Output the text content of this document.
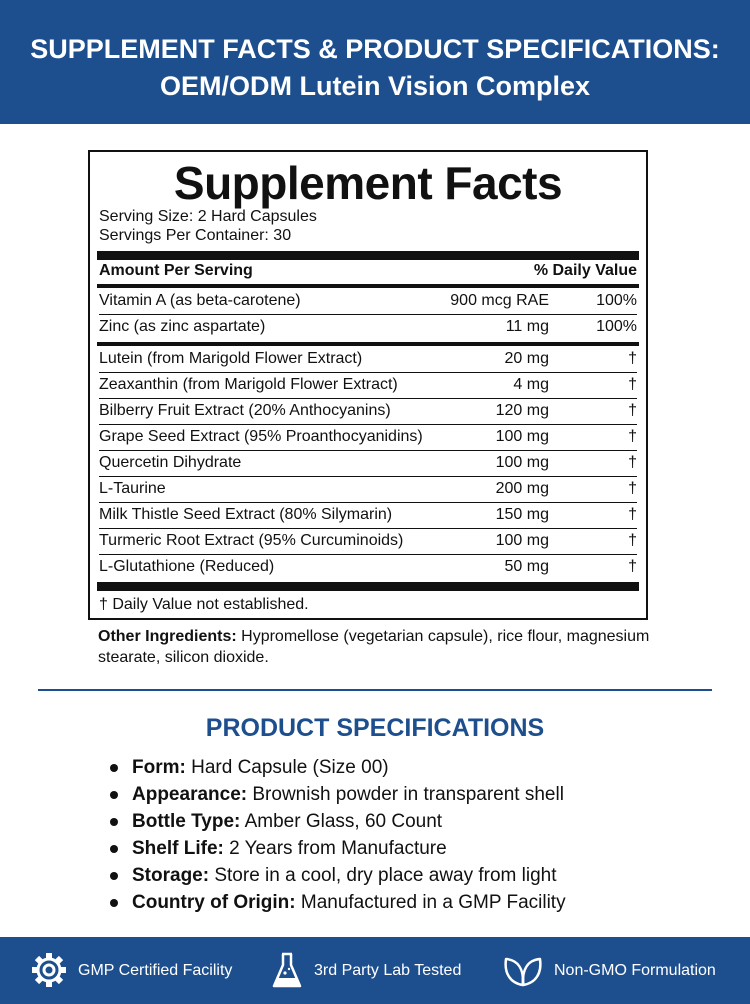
SUPPLEMENT FACTS & PRODUCT SPECIFICATIONS:
OEM/ODM Lutein Vision Complex
Supplement Facts
Serving Size: 2 Hard Capsules
Servings Per Container: 30
Amount Per Serving	% Daily Value
Vitamin A (as beta-carotene)	900 mcg RAE	100%
Zinc (as zinc aspartate)	11 mg	100%
Lutein (from Marigold Flower Extract)	20 mg	†
Zeaxanthin (from Marigold Flower Extract)	4 mg	†
Bilberry Fruit Extract (20% Anthocyanins)	120 mg	†
Grape Seed Extract (95% Proanthocyanidins)	100 mg	†
Quercetin Dihydrate	100 mg	†
L-Taurine	200 mg	†
Milk Thistle Seed Extract (80% Silymarin)	150 mg	†
Turmeric Root Extract (95% Curcuminoids)	100 mg	†
L-Glutathione (Reduced)	50 mg	†
† Daily Value not established.
Other Ingredients: Hypromellose (vegetarian capsule), rice flour, magnesium stearate, silicon dioxide.
PRODUCT SPECIFICATIONS
Form: Hard Capsule (Size 00)
Appearance: Brownish powder in transparent shell
Bottle Type: Amber Glass, 60 Count
Shelf Life: 2 Years from Manufacture
Storage: Store in a cool, dry place away from light
Country of Origin: Manufactured in a GMP Facility
GMP Certified Facility	3rd Party Lab Tested	Non-GMO Formulation
